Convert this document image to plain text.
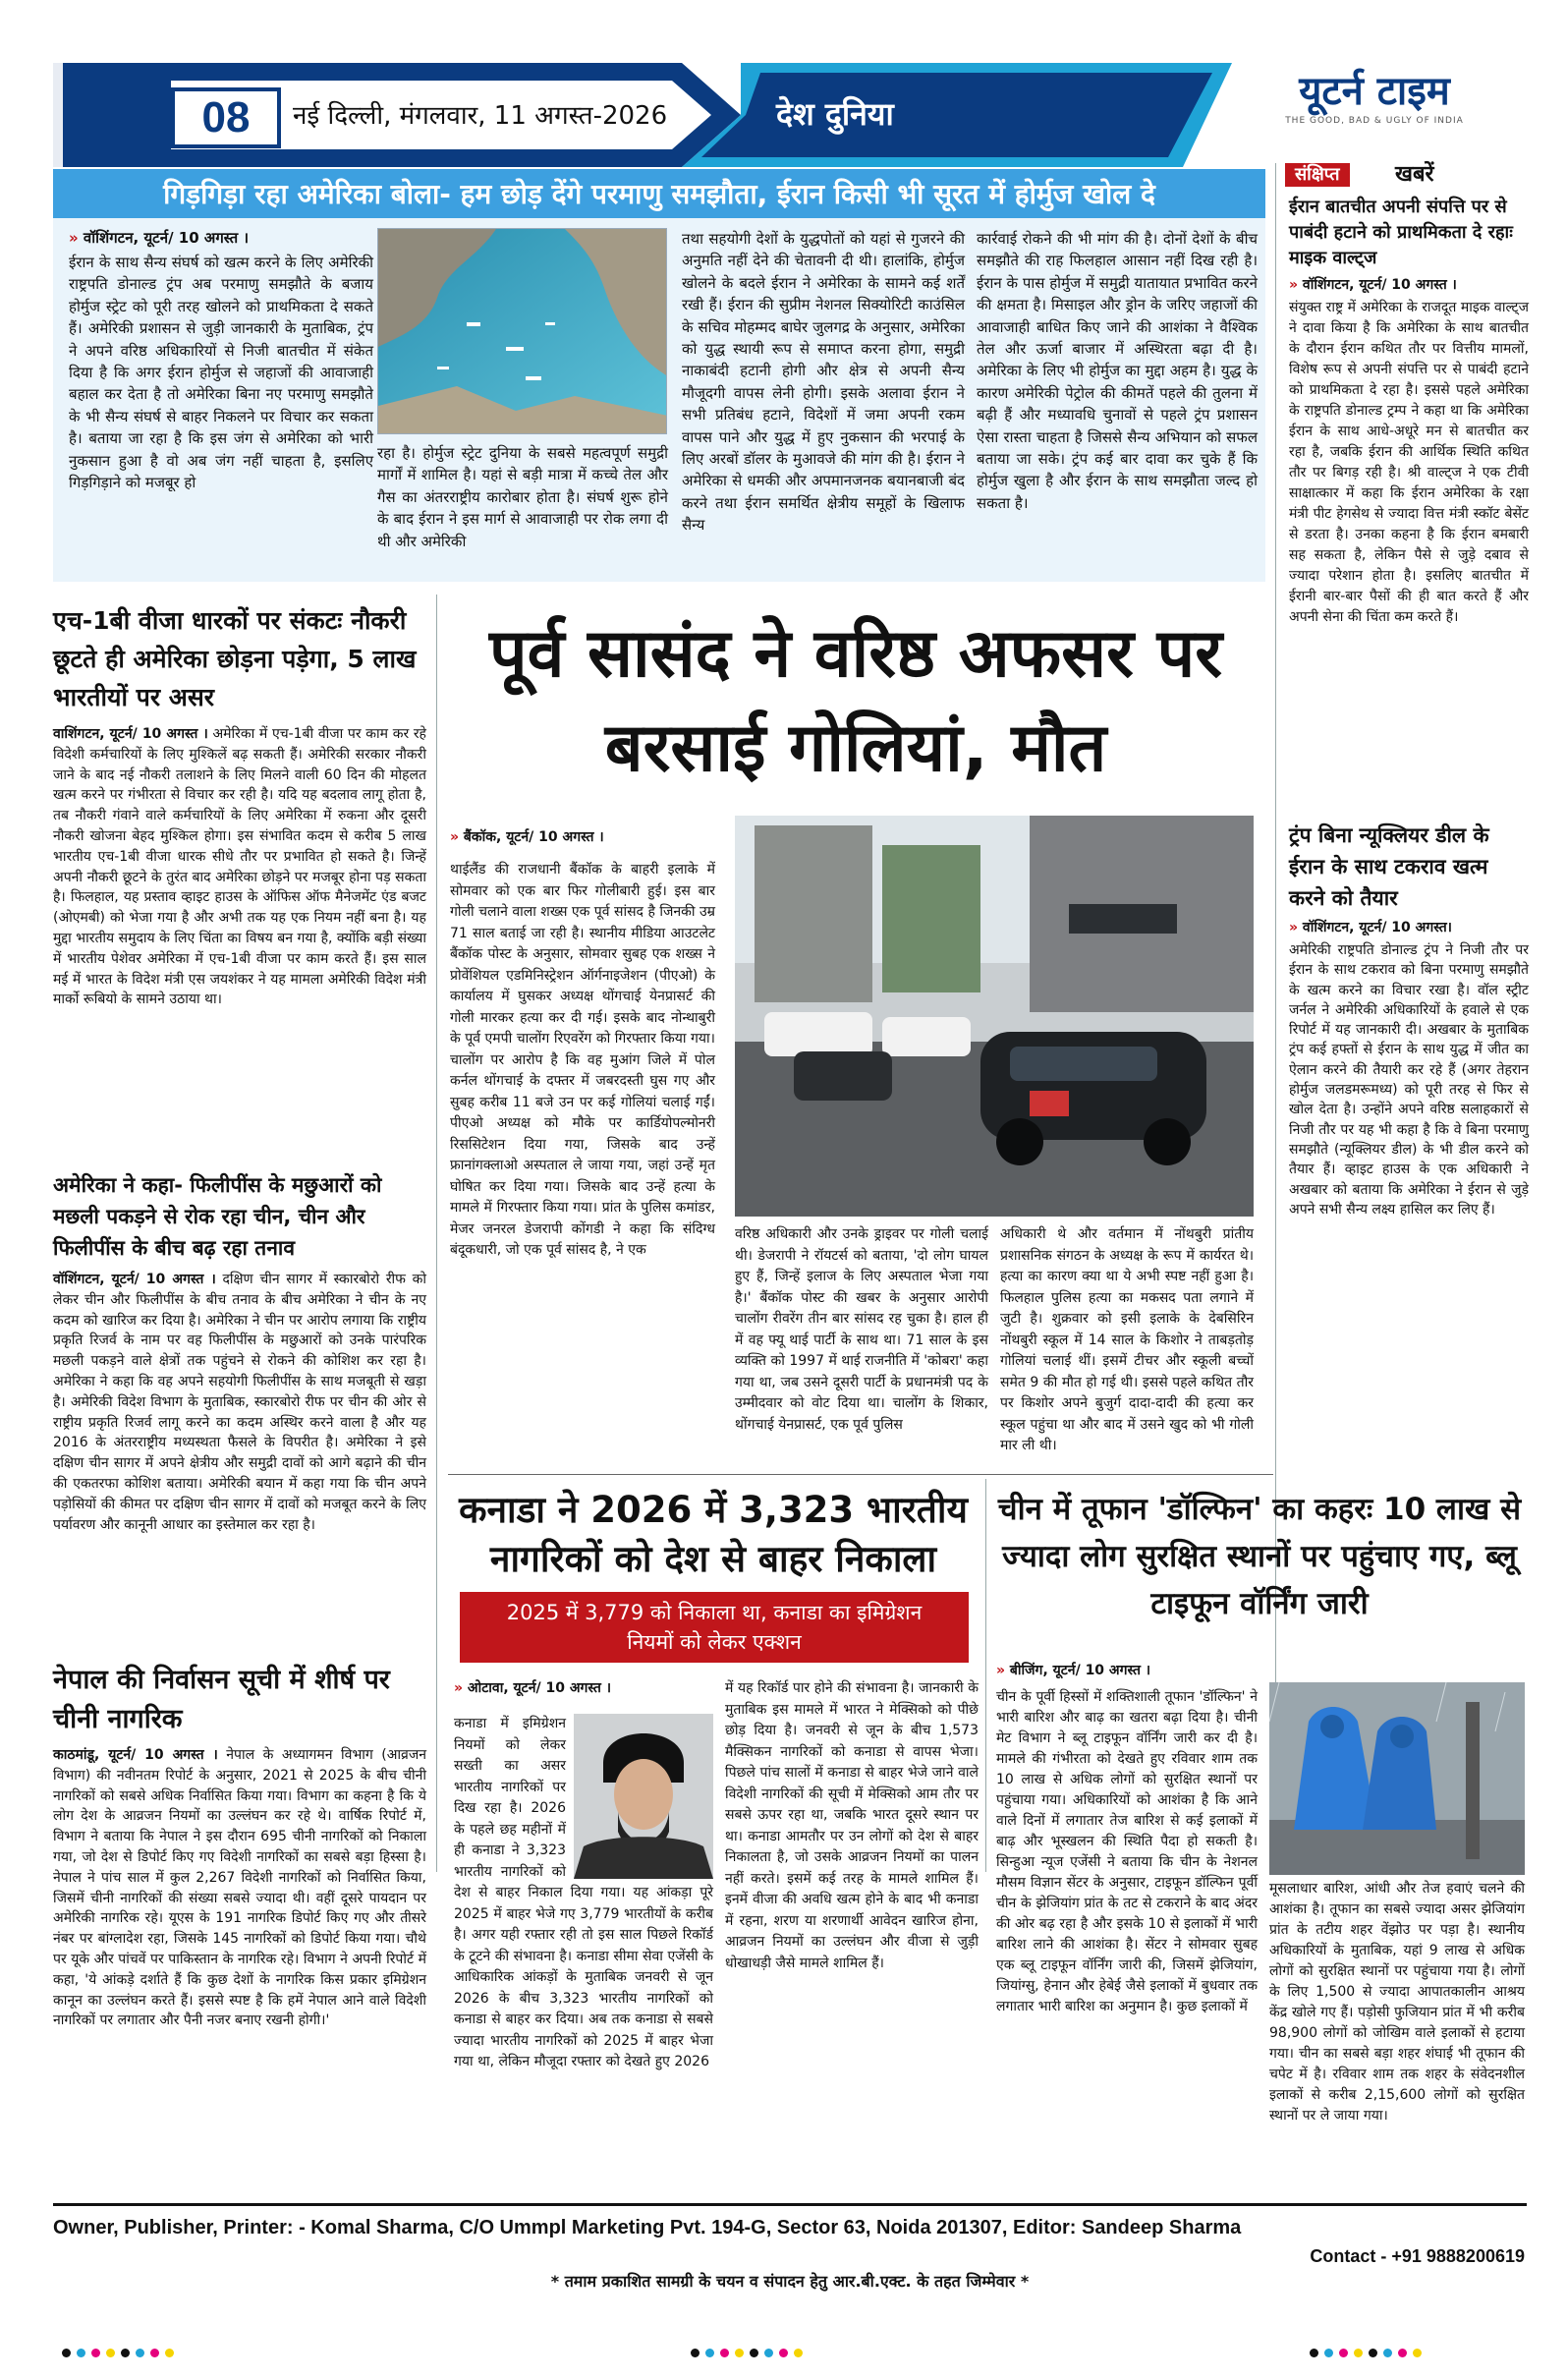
08	नई दिल्ली, मंगलवार, 11 अगस्त-2026	देश दुनिया	यूटर्न टाइम
THE GOOD, BAD & UGLY OF INDIA
गिड़गिड़ा रहा अमेरिका बोला- हम छोड़ देंगे परमाणु समझौता, ईरान किसी भी सूरत में होर्मुज खोल दे
» वॉशिंगटन, यूटर्न/ 10 अगस्त ।
ईरान के साथ सैन्य संघर्ष को खत्म करने के लिए अमेरिकी राष्ट्रपति डोनाल्ड ट्रंप अब परमाणु समझौते के बजाय होर्मुज स्ट्रेट को पूरी तरह खोलने को प्राथमिकता दे सकते हैं। अमेरिकी प्रशासन से जुड़ी जानकारी के मुताबिक, ट्रंप ने अपने वरिष्ठ अधिकारियों से निजी बातचीत में संकेत दिया है कि अगर ईरान होर्मुज से जहाजों की आवाजाही बहाल कर देता है तो अमेरिका बिना नए परमाणु समझौते के भी सैन्य संघर्ष से बाहर निकलने पर विचार कर सकता है। बताया जा रहा है कि इस जंग से अमेरिका को भारी नुकसान हुआ है वो अब जंग नहीं चाहता है, इसलिए गिड़गिड़ाने को मजबूर हो
रहा है। होर्मुज स्ट्रेट दुनिया के सबसे महत्वपूर्ण समुद्री मार्गों में शामिल है। यहां से बड़ी मात्रा में कच्चे तेल और गैस का अंतरराष्ट्रीय कारोबार होता है। संघर्ष शुरू होने के बाद ईरान ने इस मार्ग से आवाजाही पर रोक लगा दी थी और अमेरिकी
तथा सहयोगी देशों के युद्धपोतों को यहां से गुजरने की अनुमति नहीं देने की चेतावनी दी थी। हालांकि, होर्मुज खोलने के बदले ईरान ने अमेरिका के सामने कई शर्तें रखी हैं। ईरान की सुप्रीम नेशनल सिक्योरिटी काउंसिल के सचिव मोहम्मद बाघेर जुलगद्र के अनुसार, अमेरिका को युद्ध स्थायी रूप से समाप्त करना होगा, समुद्री नाकाबंदी हटानी होगी और क्षेत्र से अपनी सैन्य मौजूदगी वापस लेनी होगी। इसके अलावा ईरान ने सभी प्रतिबंध हटाने, विदेशों में जमा अपनी रकम वापस पाने और युद्ध में हुए नुकसान की भरपाई के लिए अरबों डॉलर के मुआवजे की मांग की है। ईरान ने अमेरिका से धमकी और अपमानजनक बयानबाजी बंद करने तथा ईरान समर्थित क्षेत्रीय समूहों के खिलाफ सैन्य
कार्रवाई रोकने की भी मांग की है। दोनों देशों के बीच समझौते की राह फिलहाल आसान नहीं दिख रही है। ईरान के पास होर्मुज में समुद्री यातायात प्रभावित करने की क्षमता है। मिसाइल और ड्रोन के जरिए जहाजों की आवाजाही बाधित किए जाने की आशंका ने वैश्विक तेल और ऊर्जा बाजार में अस्थिरता बढ़ा दी है। अमेरिका के लिए भी होर्मुज का मुद्दा अहम है। युद्ध के कारण अमेरिकी पेट्रोल की कीमतें पहले की तुलना में बढ़ी हैं और मध्यावधि चुनावों से पहले ट्रंप प्रशासन ऐसा रास्ता चाहता है जिससे सैन्य अभियान को सफल बताया जा सके। ट्रंप कई बार दावा कर चुके हैं कि होर्मुज खुला है और ईरान के साथ समझौता जल्द हो सकता है।
संक्षिप्त	खबरें
ईरान बातचीत अपनी संपत्ति पर से पाबंदी हटाने को प्राथमिकता दे रहाः माइक वाल्ट्ज
» वॉशिंगटन, यूटर्न/ 10 अगस्त ।
संयुक्त राष्ट्र में अमेरिका के राजदूत माइक वाल्ट्ज ने दावा किया है कि अमेरिका के साथ बातचीत के दौरान ईरान कथित तौर पर वित्तीय मामलों, विशेष रूप से अपनी संपत्ति पर से पाबंदी हटाने को प्राथमिकता दे रहा है। इससे पहले अमेरिका के राष्ट्रपति डोनाल्ड ट्रम्प ने कहा था कि अमेरिका ईरान के साथ आधे-अधूरे मन से बातचीत कर रहा है, जबकि ईरान की आर्थिक स्थिति कथित तौर पर बिगड़ रही है। श्री वाल्ट्ज ने एक टीवी साक्षात्कार में कहा कि ईरान अमेरिका के रक्षा मंत्री पीट हेगसेथ से ज्यादा वित्त मंत्री स्कॉट बेसेंट से डरता है। उनका कहना है कि ईरान बमबारी सह सकता है, लेकिन पैसे से जुड़े दबाव से ज्यादा परेशान होता है। इसलिए बातचीत में ईरानी बार-बार पैसों की ही बात करते हैं और अपनी सेना की चिंता कम करते हैं।
ट्रंप बिना न्यूक्लियर डील के ईरान के साथ टकराव खत्म करने को तैयार
» वॉशिंगटन, यूटर्न/ 10 अगस्त।
अमेरिकी राष्ट्रपति डोनाल्ड ट्रंप ने निजी तौर पर ईरान के साथ टकराव को बिना परमाणु समझौते के खत्म करने का विचार रखा है। वॉल स्ट्रीट जर्नल ने अमेरिकी अधिकारियों के हवाले से एक रिपोर्ट में यह जानकारी दी। अखबार के मुताबिक ट्रंप कई हफ्तों से ईरान के साथ युद्ध में जीत का ऐलान करने की तैयारी कर रहे हैं (अगर तेहरान होर्मुज जलडमरूमध्य) को पूरी तरह से फिर से खोल देता है। उन्होंने अपने वरिष्ठ सलाहकारों से निजी तौर पर यह भी कहा है कि वे बिना परमाणु समझौते (न्यूक्लियर डील) के भी डील करने को तैयार हैं। व्हाइट हाउस के एक अधिकारी ने अखबार को बताया कि अमेरिका ने ईरान से जुड़े अपने सभी सैन्य लक्ष्य हासिल कर लिए हैं।
एच-1बी वीजा धारकों पर संकटः नौकरी छूटते ही अमेरिका छोड़ना पड़ेगा, 5 लाख भारतीयों पर असर
वाशिंगटन, यूटर्न/ 10 अगस्त । अमेरिका में एच-1बी वीजा पर काम कर रहे विदेशी कर्मचारियों के लिए मुश्किलें बढ़ सकती हैं। अमेरिकी सरकार नौकरी जाने के बाद नई नौकरी तलाशने के लिए मिलने वाली 60 दिन की मोहलत खत्म करने पर गंभीरता से विचार कर रही है। यदि यह बदलाव लागू होता है, तब नौकरी गंवाने वाले कर्मचारियों के लिए अमेरिका में रुकना और दूसरी नौकरी खोजना बेहद मुश्किल होगा। इस संभावित कदम से करीब 5 लाख भारतीय एच-1बी वीजा धारक सीधे तौर पर प्रभावित हो सकते है। जिन्हें अपनी नौकरी छूटने के तुरंत बाद अमेरिका छोड़ने पर मजबूर होना पड़ सकता है। फिलहाल, यह प्रस्ताव व्हाइट हाउस के ऑफिस ऑफ मैनेजमेंट एंड बजट (ओएमबी) को भेजा गया है और अभी तक यह एक नियम नहीं बना है। यह मुद्दा भारतीय समुदाय के लिए चिंता का विषय बन गया है, क्योंकि बड़ी संख्या में भारतीय पेशेवर अमेरिका में एच-1बी वीजा पर काम करते हैं। इस साल मई में भारत के विदेश मंत्री एस जयशंकर ने यह मामला अमेरिकी विदेश मंत्री मार्को रूबियो के सामने उठाया था।
अमेरिका ने कहा- फिलीपींस के मछुआरों को मछली पकड़ने से रोक रहा चीन, चीन और फिलीपींस के बीच बढ़ रहा तनाव
वॉशिंगटन, यूटर्न/ 10 अगस्त । दक्षिण चीन सागर में स्कारबोरो रीफ को लेकर चीन और फिलीपींस के बीच तनाव के बीच अमेरिका ने चीन के नए कदम को खारिज कर दिया है। अमेरिका ने चीन पर आरोप लगाया कि राष्ट्रीय प्रकृति रिजर्व के नाम पर वह फिलीपींस के मछुआरों को उनके पारंपरिक मछली पकड़ने वाले क्षेत्रों तक पहुंचने से रोकने की कोशिश कर रहा है। अमेरिका ने कहा कि वह अपने सहयोगी फिलीपींस के साथ मजबूती से खड़ा है। अमेरिकी विदेश विभाग के मुताबिक, स्कारबोरो रीफ पर चीन की ओर से राष्ट्रीय प्रकृति रिजर्व लागू करने का कदम अस्थिर करने वाला है और यह 2016 के अंतरराष्ट्रीय मध्यस्थता फैसले के विपरीत है। अमेरिका ने इसे दक्षिण चीन सागर में अपने क्षेत्रीय और समुद्री दावों को आगे बढ़ाने की चीन की एकतरफा कोशिश बताया। अमेरिकी बयान में कहा गया कि चीन अपने पड़ोसियों की कीमत पर दक्षिण चीन सागर में दावों को मजबूत करने के लिए पर्यावरण और कानूनी आधार का इस्तेमाल कर रहा है।
नेपाल की निर्वासन सूची में शीर्ष पर चीनी नागरिक
काठमांडू, यूटर्न/ 10 अगस्त । नेपाल के अध्यागमन विभाग (आव्रजन विभाग) की नवीनतम रिपोर्ट के अनुसार, 2021 से 2025 के बीच चीनी नागरिकों को सबसे अधिक निर्वासित किया गया। विभाग का कहना है कि ये लोग देश के आव्रजन नियमों का उल्लंघन कर रहे थे। वार्षिक रिपोर्ट में, विभाग ने बताया कि नेपाल ने इस दौरान 695 चीनी नागरिकों को निकाला गया, जो देश से डिपोर्ट किए गए विदेशी नागरिकों का सबसे बड़ा हिस्सा है। नेपाल ने पांच साल में कुल 2,267 विदेशी नागरिकों को निर्वासित किया, जिसमें चीनी नागरिकों की संख्या सबसे ज्यादा थी। वहीं दूसरे पायदान पर अमेरिकी नागरिक रहे। यूएस के 191 नागरिक डिपोर्ट किए गए और तीसरे नंबर पर बांग्लादेश रहा, जिसके 145 नागरिकों को डिपोर्ट किया गया। चौथे पर यूके और पांचवें पर पाकिस्तान के नागरिक रहे। विभाग ने अपनी रिपोर्ट में कहा, 'ये आंकड़े दर्शाते हैं कि कुछ देशों के नागरिक किस प्रकार इमिग्रेशन कानून का उल्लंघन करते हैं। इससे स्पष्ट है कि हमें नेपाल आने वाले विदेशी नागरिकों पर लगातार और पैनी नजर बनाए रखनी होगी।'
पूर्व सासंद ने वरिष्ठ अफसर पर बरसाई गोलियां, मौत
» बैंकॉक, यूटर्न/ 10 अगस्त ।
थाईलैंड की राजधानी बैंकॉक के बाहरी इलाके में सोमवार को एक बार फिर गोलीबारी हुई। इस बार गोली चलाने वाला शख्स एक पूर्व सांसद है जिनकी उम्र 71 साल बताई जा रही है। स्थानीय मीडिया आउटलेट बैंकॉक पोस्ट के अनुसार, सोमवार सुबह एक शख्स ने प्रोवेंशियल एडमिनिस्ट्रेशन ऑर्गनाइजेशन (पीएओ) के कार्यालय में घुसकर अध्यक्ष थोंगचाई येनप्रासर्ट की गोली मारकर हत्या कर दी गई। इसके बाद नोन्थाबुरी के पूर्व एमपी चालोंग रिएवरेंग को गिरफ्तार किया गया। चालोंग पर आरोप है कि वह मुआंग जिले में पोल कर्नल थोंगचाई के दफ्तर में जबरदस्ती घुस गए और सुबह करीब 11 बजे उन पर कई गोलियां चलाई गईं। पीएओ अध्यक्ष को मौके पर कार्डियोपल्मोनरी रिससिटेशन दिया गया, जिसके बाद उन्हें फ्रानांगक्लाओ अस्पताल ले जाया गया, जहां उन्हें मृत घोषित कर दिया गया। जिसके बाद उन्हें हत्या के मामले में गिरफ्तार किया गया। प्रांत के पुलिस कमांडर, मेजर जनरल डेजरापी कोंगडी ने कहा कि संदिग्ध बंदूकधारी, जो एक पूर्व सांसद है, ने एक
वरिष्ठ अधिकारी और उनके ड्राइवर पर गोली चलाई थी। डेजरापी ने रॉयटर्स को बताया, 'दो लोग घायल हुए हैं, जिन्हें इलाज के लिए अस्पताल भेजा गया है।' बैंकॉक पोस्ट की खबर के अनुसार आरोपी चालोंग रीवरेंग तीन बार सांसद रह चुका है। हाल ही में वह फ्यू थाई पार्टी के साथ था। 71 साल के इस व्यक्ति को 1997 में थाई राजनीति में 'कोबरा' कहा गया था, जब उसने दूसरी पार्टी के प्रधानमंत्री पद के उम्मीदवार को वोट दिया था। चालोंग के शिकार, थोंगचाई येनप्रासर्ट, एक पूर्व पुलिस
अधिकारी थे और वर्तमान में नोंथबुरी प्रांतीय प्रशासनिक संगठन के अध्यक्ष के रूप में कार्यरत थे। हत्या का कारण क्या था ये अभी स्पष्ट नहीं हुआ है। फिलहाल पुलिस हत्या का मकसद पता लगाने में जुटी है। शुक्रवार को इसी इलाके के देबसिरिन नोंथबुरी स्कूल में 14 साल के किशोर ने ताबड़तोड़ गोलियां चलाई थीं। इसमें टीचर और स्कूली बच्चों समेत 9 की मौत हो गई थी। इससे पहले कथित तौर पर किशोर अपने बुजुर्ग दादा-दादी की हत्या कर स्कूल पहुंचा था और बाद में उसने खुद को भी गोली मार ली थी।
कनाडा ने 2026 में 3,323 भारतीय नागरिकों को देश से बाहर निकाला
2025 में 3,779 को निकाला था, कनाडा का इमिग्रेशन नियमों को लेकर एक्शन
» ओटावा, यूटर्न/ 10 अगस्त ।
कनाडा में इमिग्रेशन नियमों को लेकर सख्ती का असर भारतीय नागरिकों पर दिख रहा है। 2026 के पहले छह महीनों में ही कनाडा ने 3,323 भारतीय नागरिकों को देश से बाहर निकाल दिया गया। यह आंकड़ा पूरे 2025 में बाहर भेजे गए 3,779 भारतीयों के करीब है। अगर यही रफ्तार रही तो इस साल पिछले रिकॉर्ड के टूटने की संभावना है। कनाडा सीमा सेवा एजेंसी के आधिकारिक आंकड़ों के मुताबिक जनवरी से जून 2026 के बीच 3,323 भारतीय नागरिकों को कनाडा से बाहर कर दिया। अब तक कनाडा से सबसे ज्यादा भारतीय नागरिकों को 2025 में बाहर भेजा गया था, लेकिन मौजूदा रफ्तार को देखते हुए 2026
में यह रिकॉर्ड पार होने की संभावना है। जानकारी के मुताबिक इस मामले में भारत ने मेक्सिको को पीछे छोड़ दिया है। जनवरी से जून के बीच 1,573 मैक्सिकन नागरिकों को कनाडा से वापस भेजा। पिछले पांच सालों में कनाडा से बाहर भेजे जाने वाले विदेशी नागरिकों की सूची में मेक्सिको आम तौर पर सबसे ऊपर रहा था, जबकि भारत दूसरे स्थान पर था। कनाडा आमतौर पर उन लोगों को देश से बाहर निकालता है, जो उसके आव्रजन नियमों का पालन नहीं करते। इसमें कई तरह के मामले शामिल हैं। इनमें वीजा की अवधि खत्म होने के बाद भी कनाडा में रहना, शरण या शरणार्थी आवेदन खारिज होना, आव्रजन नियमों का उल्लंघन और वीजा से जुड़ी धोखाधड़ी जैसे मामले शामिल हैं।
चीन में तूफान 'डॉल्फिन' का कहरः 10 लाख से ज्यादा लोग सुरक्षित स्थानों पर पहुंचाए गए, ब्लू टाइफून वॉर्निंग जारी
» बीजिंग, यूटर्न/ 10 अगस्त ।
चीन के पूर्वी हिस्सों में शक्तिशाली तूफान 'डॉल्फिन' ने भारी बारिश और बाढ़ का खतरा बढ़ा दिया है। चीनी मेट विभाग ने ब्लू टाइफून वॉर्निंग जारी कर दी है। मामले की गंभीरता को देखते हुए रविवार शाम तक 10 लाख से अधिक लोगों को सुरक्षित स्थानों पर पहुंचाया गया। अधिकारियों को आशंका है कि आने वाले दिनों में लगातार तेज बारिश से कई इलाकों में बाढ़ और भूस्खलन की स्थिति पैदा हो सकती है। सिन्हुआ न्यूज एजेंसी ने बताया कि चीन के नेशनल मौसम विज्ञान सेंटर के अनुसार, टाइफून डॉल्फिन पूर्वी चीन के झेजियांग प्रांत के तट से टकराने के बाद अंदर की ओर बढ़ रहा है और इसके 10 से इलाकों में भारी बारिश लाने की आशंका है। सेंटर ने सोमवार सुबह एक ब्लू टाइफून वॉर्निंग जारी की, जिसमें झेजियांग, जियांग्सु, हेनान और हेबेई जैसे इलाकों में बुधवार तक लगातार भारी बारिश का अनुमान है। कुछ इलाकों में
मूसलाधार बारिश, आंधी और तेज हवाएं चलने की आशंका है। तूफान का सबसे ज्यादा असर झेजियांग प्रांत के तटीय शहर वेंझोउ पर पड़ा है। स्थानीय अधिकारियों के मुताबिक, यहां 9 लाख से अधिक लोगों को सुरक्षित स्थानों पर पहुंचाया गया है। लोगों के लिए 1,500 से ज्यादा आपातकालीन आश्रय केंद्र खोले गए हैं। पड़ोसी फुजियान प्रांत में भी करीब 98,900 लोगों को जोखिम वाले इलाकों से हटाया गया। चीन का सबसे बड़ा शहर शंघाई भी तूफान की चपेट में है। रविवार शाम तक शहर के संवेदनशील इलाकों से करीब 2,15,600 लोगों को सुरक्षित स्थानों पर ले जाया गया।
Owner, Publisher, Printer: - Komal Sharma, C/O Ummpl Marketing Pvt. 194-G, Sector 63, Noida 201307, Editor: Sandeep Sharma
Contact - +91 9888200619
* तमाम प्रकाशित सामग्री के चयन व संपादन हेतु आर.बी.एक्ट. के तहत जिम्मेवार *
